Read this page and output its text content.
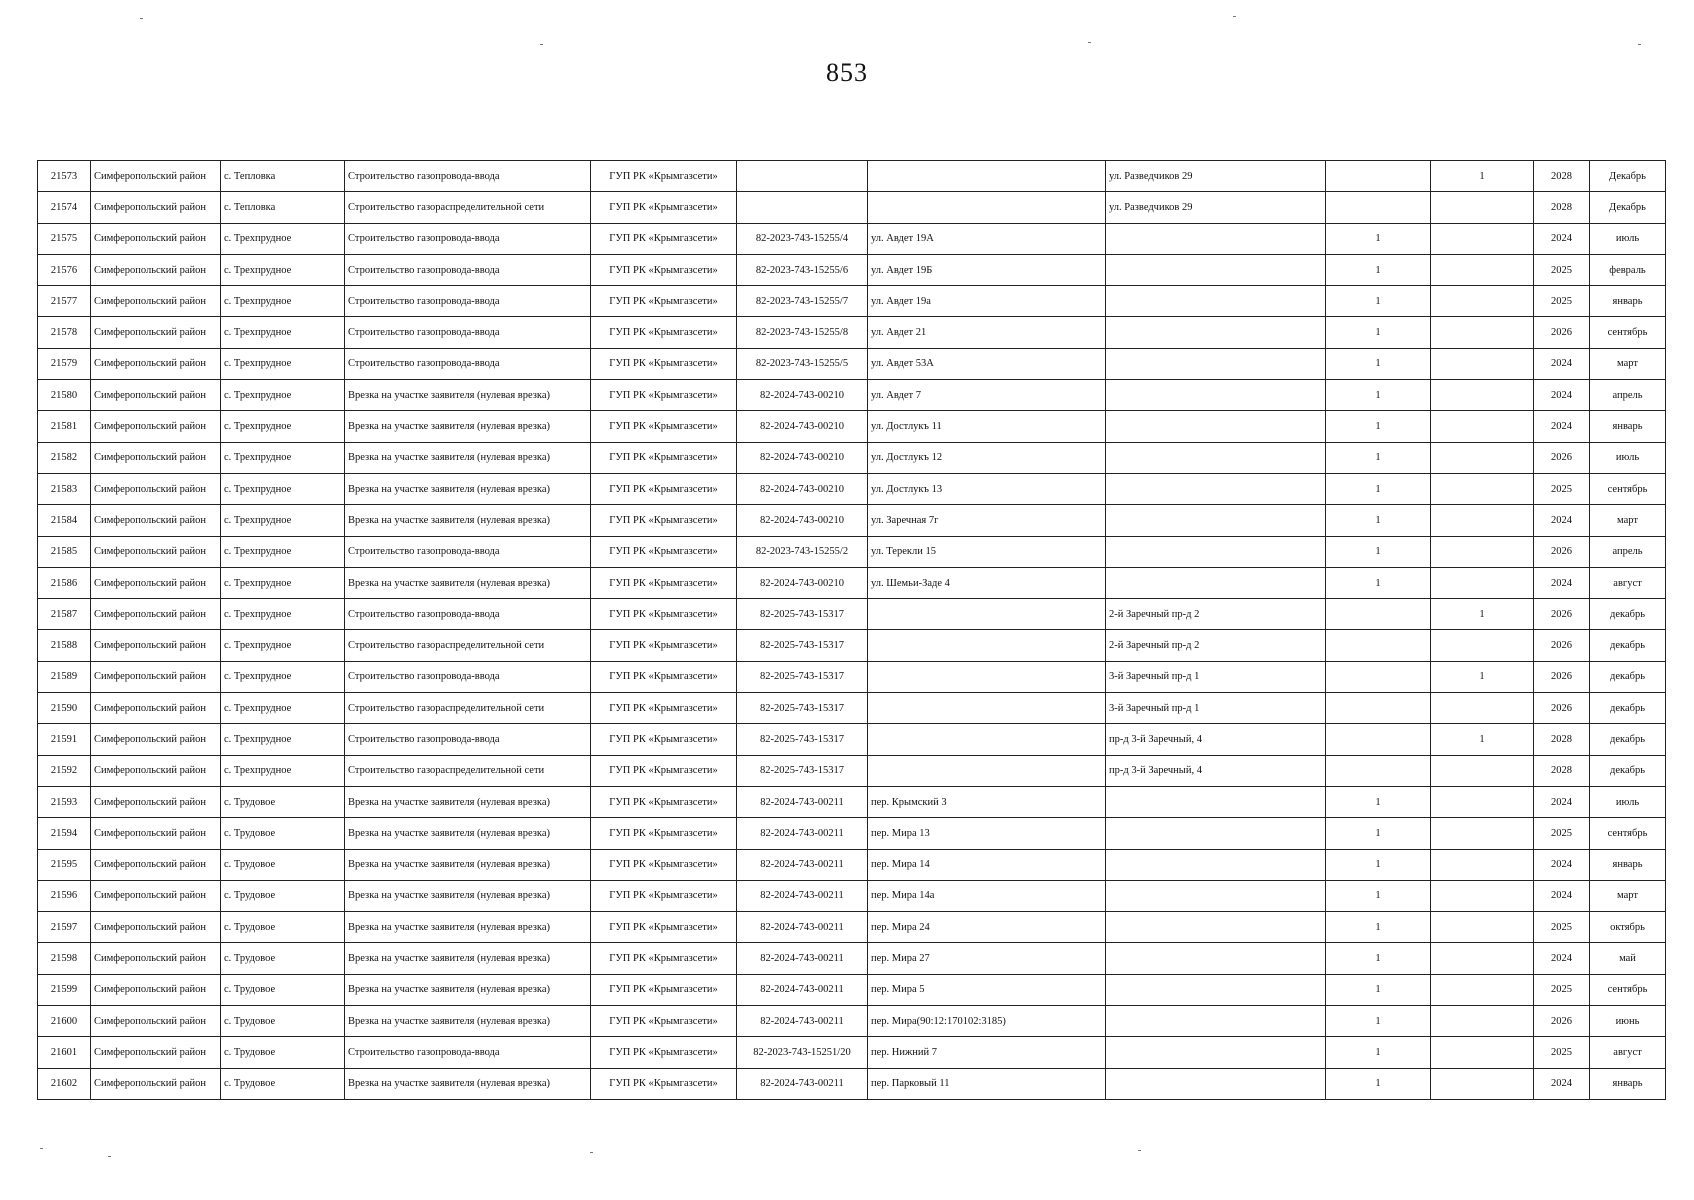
853
21573	Симферопольский район	с. Тепловка	Строительство газопровода-ввода	ГУП РК «Крымгазсети»			ул. Разведчиков 29		1	2028	Декабрь
21574	Симферопольский район	с. Тепловка	Строительство газораспределительной сети	ГУП РК «Крымгазсети»			ул. Разведчиков 29			2028	Декабрь
21575	Симферопольский район	с. Трехпрудное	Строительство газопровода-ввода	ГУП РК «Крымгазсети»	82-2023-743-15255/4	ул. Авдет 19А		1		2024	июль
21576	Симферопольский район	с. Трехпрудное	Строительство газопровода-ввода	ГУП РК «Крымгазсети»	82-2023-743-15255/6	ул. Авдет 19Б		1		2025	февраль
21577	Симферопольский район	с. Трехпрудное	Строительство газопровода-ввода	ГУП РК «Крымгазсети»	82-2023-743-15255/7	ул. Авдет 19а		1		2025	январь
21578	Симферопольский район	с. Трехпрудное	Строительство газопровода-ввода	ГУП РК «Крымгазсети»	82-2023-743-15255/8	ул. Авдет 21		1		2026	сентябрь
21579	Симферопольский район	с. Трехпрудное	Строительство газопровода-ввода	ГУП РК «Крымгазсети»	82-2023-743-15255/5	ул. Авдет 53А		1		2024	март
21580	Симферопольский район	с. Трехпрудное	Врезка на участке заявителя (нулевая врезка)	ГУП РК «Крымгазсети»	82-2024-743-00210	ул. Авдет 7		1		2024	апрель
21581	Симферопольский район	с. Трехпрудное	Врезка на участке заявителя (нулевая врезка)	ГУП РК «Крымгазсети»	82-2024-743-00210	ул. Достлукъ 11		1		2024	январь
21582	Симферопольский район	с. Трехпрудное	Врезка на участке заявителя (нулевая врезка)	ГУП РК «Крымгазсети»	82-2024-743-00210	ул. Достлукъ 12		1		2026	июль
21583	Симферопольский район	с. Трехпрудное	Врезка на участке заявителя (нулевая врезка)	ГУП РК «Крымгазсети»	82-2024-743-00210	ул. Достлукъ 13		1		2025	сентябрь
21584	Симферопольский район	с. Трехпрудное	Врезка на участке заявителя (нулевая врезка)	ГУП РК «Крымгазсети»	82-2024-743-00210	ул. Заречная 7г		1		2024	март
21585	Симферопольский район	с. Трехпрудное	Строительство газопровода-ввода	ГУП РК «Крымгазсети»	82-2023-743-15255/2	ул. Терекли 15		1		2026	апрель
21586	Симферопольский район	с. Трехпрудное	Врезка на участке заявителя (нулевая врезка)	ГУП РК «Крымгазсети»	82-2024-743-00210	ул. Шемьи-Заде 4		1		2024	август
21587	Симферопольский район	с. Трехпрудное	Строительство газопровода-ввода	ГУП РК «Крымгазсети»	82-2025-743-15317		2-й Заречный пр-д 2		1	2026	декабрь
21588	Симферопольский район	с. Трехпрудное	Строительство газораспределительной сети	ГУП РК «Крымгазсети»	82-2025-743-15317		2-й Заречный пр-д 2			2026	декабрь
21589	Симферопольский район	с. Трехпрудное	Строительство газопровода-ввода	ГУП РК «Крымгазсети»	82-2025-743-15317		3-й Заречный пр-д 1		1	2026	декабрь
21590	Симферопольский район	с. Трехпрудное	Строительство газораспределительной сети	ГУП РК «Крымгазсети»	82-2025-743-15317		3-й Заречный пр-д 1			2026	декабрь
21591	Симферопольский район	с. Трехпрудное	Строительство газопровода-ввода	ГУП РК «Крымгазсети»	82-2025-743-15317		пр-д 3-й Заречный, 4		1	2028	декабрь
21592	Симферопольский район	с. Трехпрудное	Строительство газораспределительной сети	ГУП РК «Крымгазсети»	82-2025-743-15317		пр-д 3-й Заречный, 4			2028	декабрь
21593	Симферопольский район	с. Трудовое	Врезка на участке заявителя (нулевая врезка)	ГУП РК «Крымгазсети»	82-2024-743-00211	пер. Крымский 3		1		2024	июль
21594	Симферопольский район	с. Трудовое	Врезка на участке заявителя (нулевая врезка)	ГУП РК «Крымгазсети»	82-2024-743-00211	пер. Мира 13		1		2025	сентябрь
21595	Симферопольский район	с. Трудовое	Врезка на участке заявителя (нулевая врезка)	ГУП РК «Крымгазсети»	82-2024-743-00211	пер. Мира 14		1		2024	январь
21596	Симферопольский район	с. Трудовое	Врезка на участке заявителя (нулевая врезка)	ГУП РК «Крымгазсети»	82-2024-743-00211	пер. Мира 14а		1		2024	март
21597	Симферопольский район	с. Трудовое	Врезка на участке заявителя (нулевая врезка)	ГУП РК «Крымгазсети»	82-2024-743-00211	пер. Мира 24		1		2025	октябрь
21598	Симферопольский район	с. Трудовое	Врезка на участке заявителя (нулевая врезка)	ГУП РК «Крымгазсети»	82-2024-743-00211	пер. Мира 27		1		2024	май
21599	Симферопольский район	с. Трудовое	Врезка на участке заявителя (нулевая врезка)	ГУП РК «Крымгазсети»	82-2024-743-00211	пер. Мира 5		1		2025	сентябрь
21600	Симферопольский район	с. Трудовое	Врезка на участке заявителя (нулевая врезка)	ГУП РК «Крымгазсети»	82-2024-743-00211	пер. Мира(90:12:170102:3185)		1		2026	июнь
21601	Симферопольский район	с. Трудовое	Строительство газопровода-ввода	ГУП РК «Крымгазсети»	82-2023-743-15251/20	пер. Нижний 7		1		2025	август
21602	Симферопольский район	с. Трудовое	Врезка на участке заявителя (нулевая врезка)	ГУП РК «Крымгазсети»	82-2024-743-00211	пер. Парковый 11		1		2024	январь
